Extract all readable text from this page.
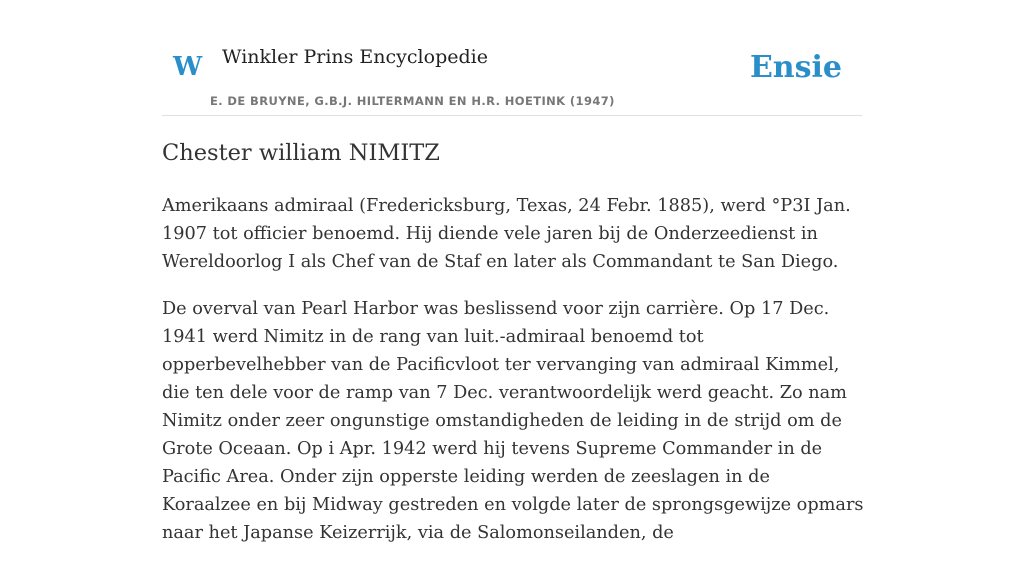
W Winkler Prins Encyclopedie
E. DE BRUYNE, G.B.J. HILTERMANN EN H.R. HOETINK (1947)
Ensie
Chester william NIMITZ

Amerikaans admiraal (Fredericksburg, Texas, 24 Febr. 1885), werd °P3I Jan. 1907 tot officier benoemd. Hij diende vele jaren bij de Onderzeedienst in Wereldoorlog I als Chef van de Staf en later als Commandant te San Diego.

De overval van Pearl Harbor was beslissend voor zijn carrière. Op 17 Dec. 1941 werd Nimitz in de rang van luit.-admiraal benoemd tot opperbevelhebber van de Pacificvloot ter vervanging van admiraal Kimmel, die ten dele voor de ramp van 7 Dec. verantwoordelijk werd geacht. Zo nam Nimitz onder zeer ongunstige omstandigheden de leiding in de strijd om de Grote Oceaan. Op i Apr. 1942 werd hij tevens Supreme Commander in de Pacific Area. Onder zijn opperste leiding werden de zeeslagen in de Koraalzee en bij Midway gestreden en volgde later de sprongsgewijze opmars naar het Japanse Keizerrijk, via de Salomonseilanden, de
